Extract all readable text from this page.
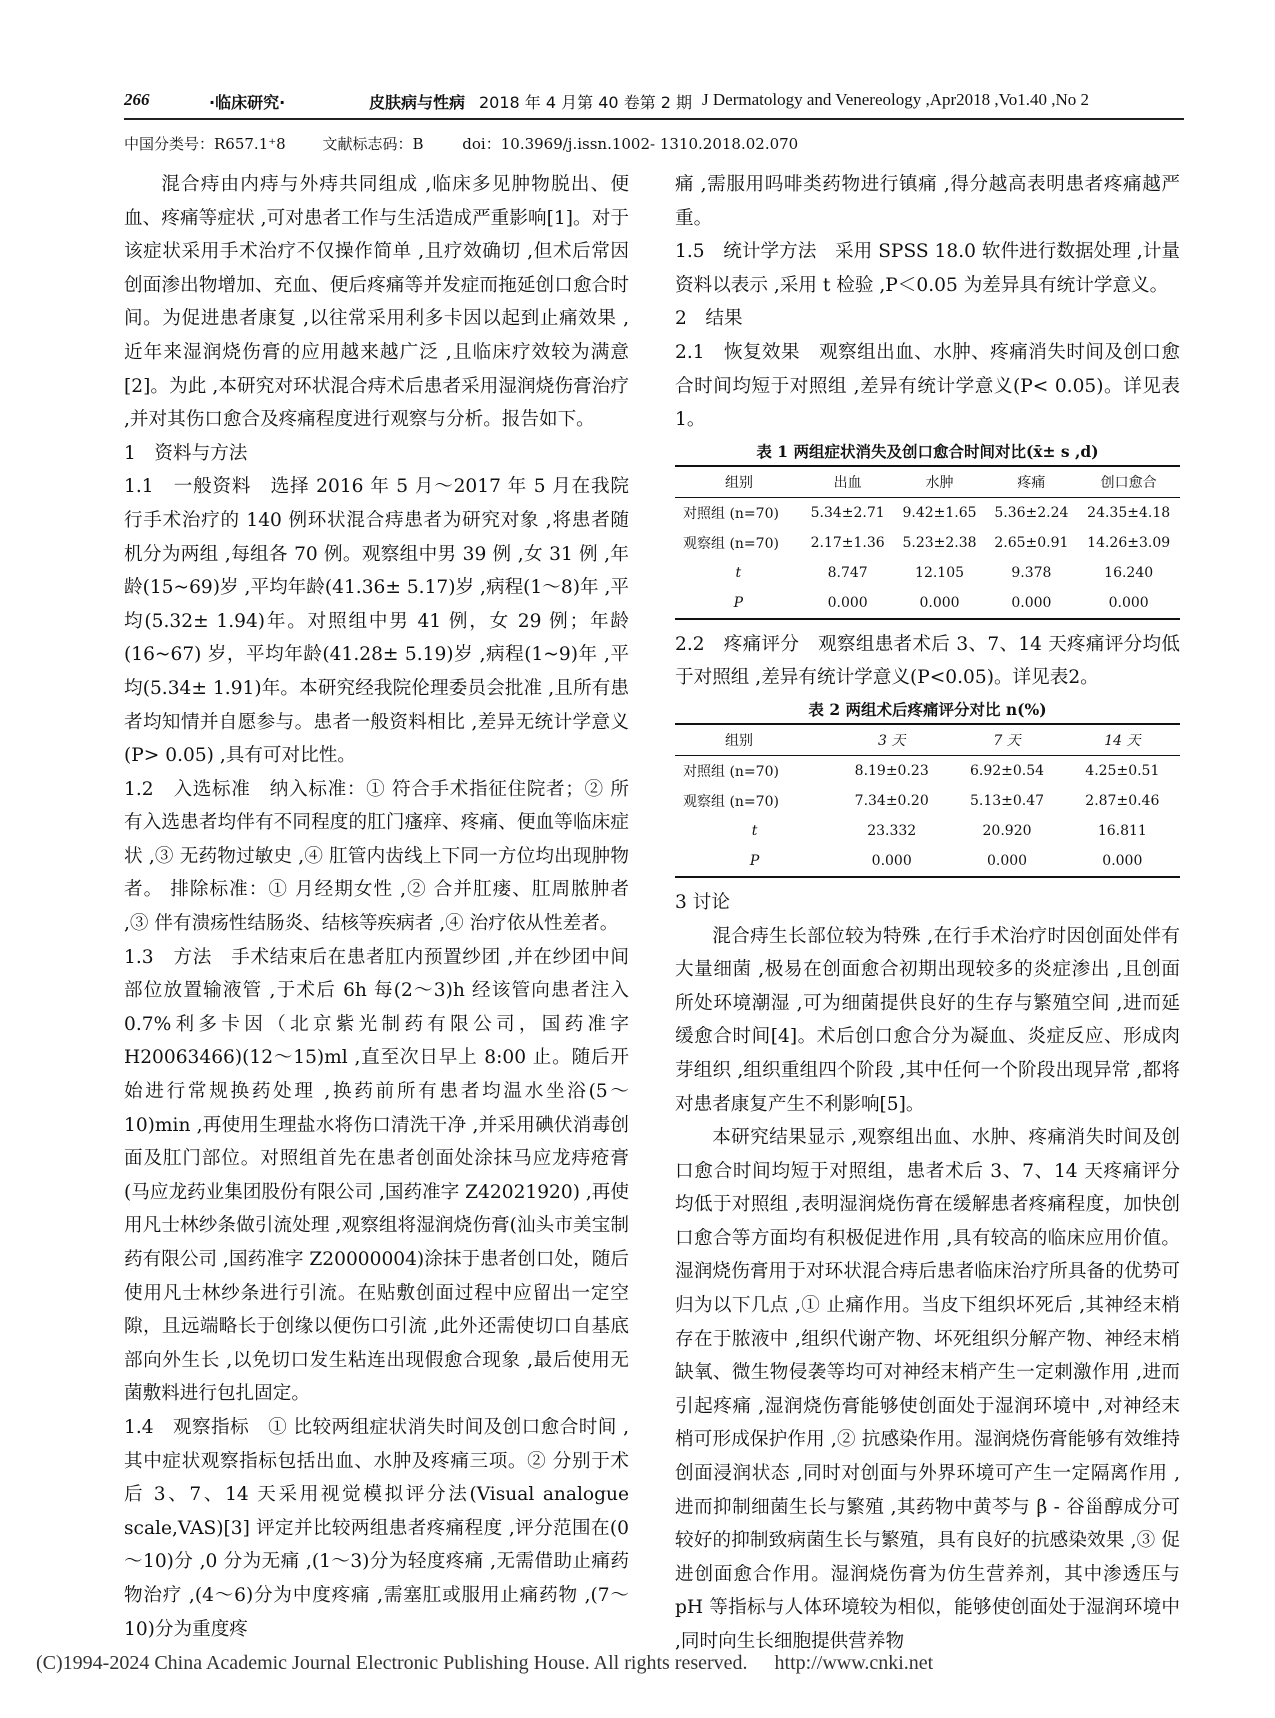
266	·临床研究·	皮肤病与性病 2018 年 4 月第 40 卷第 2 期 J Dermatology and Venereology ,Apr2018 ,Vo1.40 ,No 2
中国分类号：R657.1⁺8 文献标志码：B	doi：10.3969/j.issn.1002- 1310.2018.02.070

混合痔由内痔与外痔共同组成 ,临床多见肿物脱出、便血、疼痛等症状 ,可对患者工作与生活造成严重影响[1]。对于该症状采用手术治疗不仅操作简单 ,且疗效确切 ,但术后常因创面渗出物增加、充血、便后疼痛等并发症而拖延创口愈合时间。为促进患者康复 ,以往常采用利多卡因以起到止痛效果 ,近年来湿润烧伤膏的应用越来越广泛 ,且临床疗效较为满意[2]。为此 ,本研究对环状混合痔术后患者采用湿润烧伤膏治疗 ,并对其伤口愈合及疼痛程度进行观察与分析。报告如下。

1　资料与方法

1.1　一般资料　选择 2016 年 5 月～2017 年 5 月在我院行手术治疗的 140 例环状混合痔患者为研究对象 ,将患者随机分为两组 ,每组各 70 例。观察组中男 39 例 ,女 31 例 ,年龄(15~69)岁 ,平均年龄(41.36± 5.17)岁 ,病程(1～8)年 ,平均(5.32± 1.94)年。对照组中男 41 例，女 29 例；年龄 (16~67) 岁，平均年龄(41.28± 5.19)岁 ,病程(1~9)年 ,平均(5.34± 1.91)年。本研究经我院伦理委员会批准 ,且所有患者均知情并自愿参与。患者一般资料相比 ,差异无统计学意义(P> 0.05) ,具有可对比性。

1.2　入选标准　纳入标准：① 符合手术指征住院者；② 所有入选患者均伴有不同程度的肛门瘙痒、疼痛、便血等临床症状 ,③ 无药物过敏史 ,④ 肛管内齿线上下同一方位均出现肿物者。 排除标准：① 月经期女性 ,② 合并肛瘘、肛周脓肿者 ,③ 伴有溃疡性结肠炎、结核等疾病者 ,④ 治疗依从性差者。

1.3　方法　手术结束后在患者肛内预置纱团 ,并在纱团中间部位放置输液管 ,于术后 6h 每(2～3)h 经该管向患者注入 0.7%利多卡因（北京紫光制药有限公司，国药准字 H20063466)(12～15)ml ,直至次日早上 8:00 止。随后开始进行常规换药处理 ,换药前所有患者均温水坐浴(5～10)min ,再使用生理盐水将伤口清洗干净 ,并采用碘伏消毒创面及肛门部位。对照组首先在患者创面处涂抹马应龙痔疮膏(马应龙药业集团股份有限公司 ,国药准字 Z42021920) ,再使用凡士林纱条做引流处理 ,观察组将湿润烧伤膏(汕头市美宝制药有限公司 ,国药准字 Z20000004)涂抹于患者创口处，随后使用凡士林纱条进行引流。在贴敷创面过程中应留出一定空隙，且远端略长于创缘以便伤口引流 ,此外还需使切口自基底部向外生长 ,以免切口发生粘连出现假愈合现象 ,最后使用无菌敷料进行包扎固定。

1.4　观察指标　① 比较两组症状消失时间及创口愈合时间 ,其中症状观察指标包括出血、水肿及疼痛三项。② 分别于术后 3、7、14 天采用视觉模拟评分法(Visual analogue scale,VAS)[3] 评定并比较两组患者疼痛程度 ,评分范围在(0～10)分 ,0 分为无痛 ,(1～3)分为轻度疼痛 ,无需借助止痛药物治疗 ,(4～6)分为中度疼痛 ,需塞肛或服用止痛药物 ,(7～10)分为重度疼

痛 ,需服用吗啡类药物进行镇痛 ,得分越高表明患者疼痛越严重。

1.5　统计学方法　采用 SPSS 18.0 软件进行数据处理 ,计量资料以表示 ,采用 t 检验 ,P＜0.05 为差异具有统计学意义。

2　结果

2.1　恢复效果　观察组出血、水肿、疼痛消失时间及创口愈合时间均短于对照组 ,差异有统计学意义(P< 0.05)。详见表 1。

表 1 两组症状消失及创口愈合时间对比(x̄± s ,d)
组别	出血	水肿	疼痛	创口愈合
对照组 (n=70)	5.34±2.71	9.42±1.65	5.36±2.24	24.35±4.18
观察组 (n=70)	2.17±1.36	5.23±2.38	2.65±0.91	14.26±3.09
t	8.747	12.105	9.378	16.240
P	0.000	0.000	0.000	0.000

2.2　疼痛评分　观察组患者术后 3、7、14 天疼痛评分均低于对照组 ,差异有统计学意义(P<0.05)。详见表2。

表 2 两组术后疼痛评分对比 n(%)
组别	3 天	7 天	14 天
对照组 (n=70)	8.19±0.23	6.92±0.54	4.25±0.51
观察组 (n=70)	7.34±0.20	5.13±0.47	2.87±0.46
t	23.332	20.920	16.811
P	0.000	0.000	0.000

3 讨论

混合痔生长部位较为特殊 ,在行手术治疗时因创面处伴有大量细菌 ,极易在创面愈合初期出现较多的炎症渗出 ,且创面所处环境潮湿 ,可为细菌提供良好的生存与繁殖空间 ,进而延缓愈合时间[4]。术后创口愈合分为凝血、炎症反应、形成肉芽组织 ,组织重组四个阶段 ,其中任何一个阶段出现异常 ,都将对患者康复产生不利影响[5]。

本研究结果显示 ,观察组出血、水肿、疼痛消失时间及创口愈合时间均短于对照组，患者术后 3、7、14 天疼痛评分均低于对照组 ,表明湿润烧伤膏在缓解患者疼痛程度，加快创口愈合等方面均有积极促进作用 ,具有较高的临床应用价值。湿润烧伤膏用于对环状混合痔后患者临床治疗所具备的优势可归为以下几点 ,① 止痛作用。当皮下组织坏死后 ,其神经末梢存在于脓液中 ,组织代谢产物、坏死组织分解产物、神经末梢缺氧、微生物侵袭等均可对神经末梢产生一定刺激作用 ,进而引起疼痛 ,湿润烧伤膏能够使创面处于湿润环境中 ,对神经末梢可形成保护作用 ,② 抗感染作用。湿润烧伤膏能够有效维持创面浸润状态 ,同时对创面与外界环境可产生一定隔离作用 ,进而抑制细菌生长与繁殖 ,其药物中黄芩与 β - 谷甾醇成分可较好的抑制致病菌生长与繁殖，具有良好的抗感染效果 ,③ 促进创面愈合作用。湿润烧伤膏为仿生营养剂，其中渗透压与 pH 等指标与人体环境较为相似，能够使创面处于湿润环境中 ,同时向生长细胞提供营养物

(C)1994-2024 China Academic Journal Electronic Publishing House. All rights reserved. http://www.cnki.net
